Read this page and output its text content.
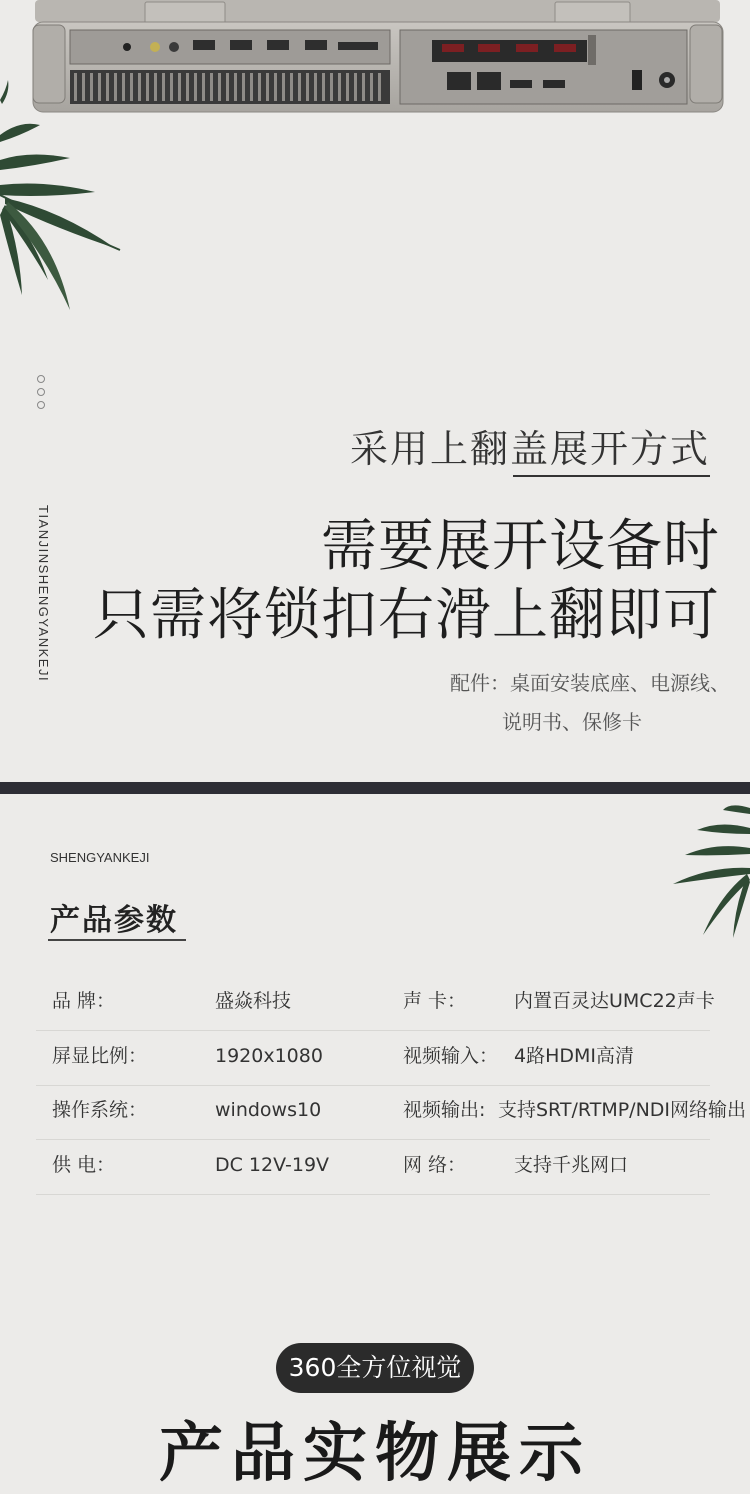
TIANJINSHENGYANKEJI
采用上翻盖展开方式
需要展开设备时
只需将锁扣右滑上翻即可
配件：桌面安装底座、电源线、
说明书、保修卡
SHENGYANKEJI
产品参数
品 牌：	盛焱科技	声 卡：	内置百灵达UMC22声卡
屏显比例：	1920x1080	视频输入： 4路HDMI高清
操作系统：	windows10	视频输出: 支持SRT/RTMP/NDI网络输出
供 电：	DC 12V-19V	网 络：	支持千兆网口
360全方位视觉
产品实物展示
